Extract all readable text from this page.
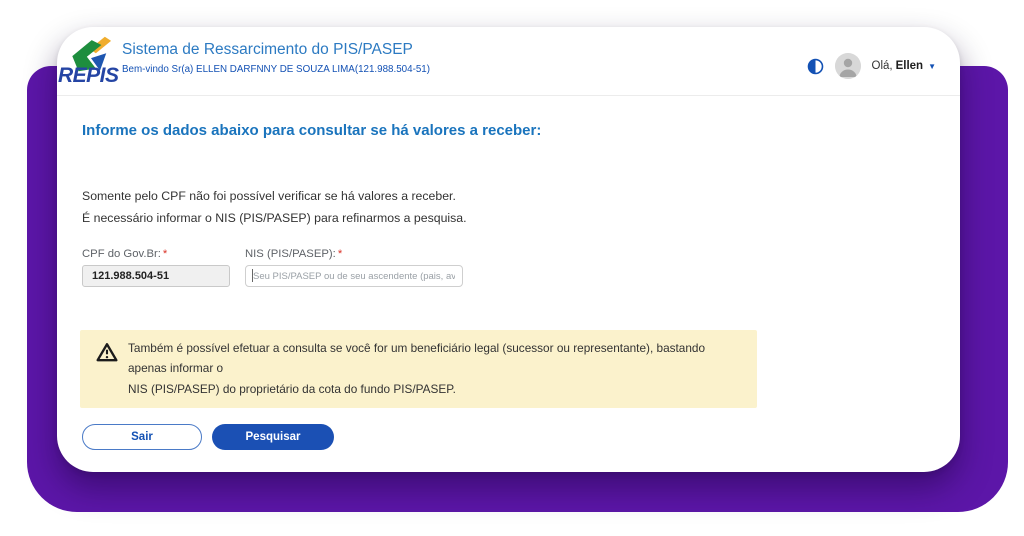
REPIS
Sistema de Ressarcimento do PIS/PASEP
Bem-vindo Sr(a) ELLEN DARFNNY DE SOUZA LIMA(121.988.504-51)	Olá, Ellen ▼
Informe os dados abaixo para consultar se há valores a receber:
Somente pelo CPF não foi possível verificar se há valores a receber.
É necessário informar o NIS (PIS/PASEP) para refinarmos a pesquisa.
CPF do Gov.Br: *
121.988.504-51	NIS (PIS/PASEP): *
Seu PIS/PASEP ou de seu ascendente (pais, avós, etc.)
Também é possível efetuar a consulta se você for um beneficiário legal (sucessor ou representante), bastando apenas informar o
NIS (PIS/PASEP) do proprietário da cota do fundo PIS/PASEP.
Sair	Pesquisar
